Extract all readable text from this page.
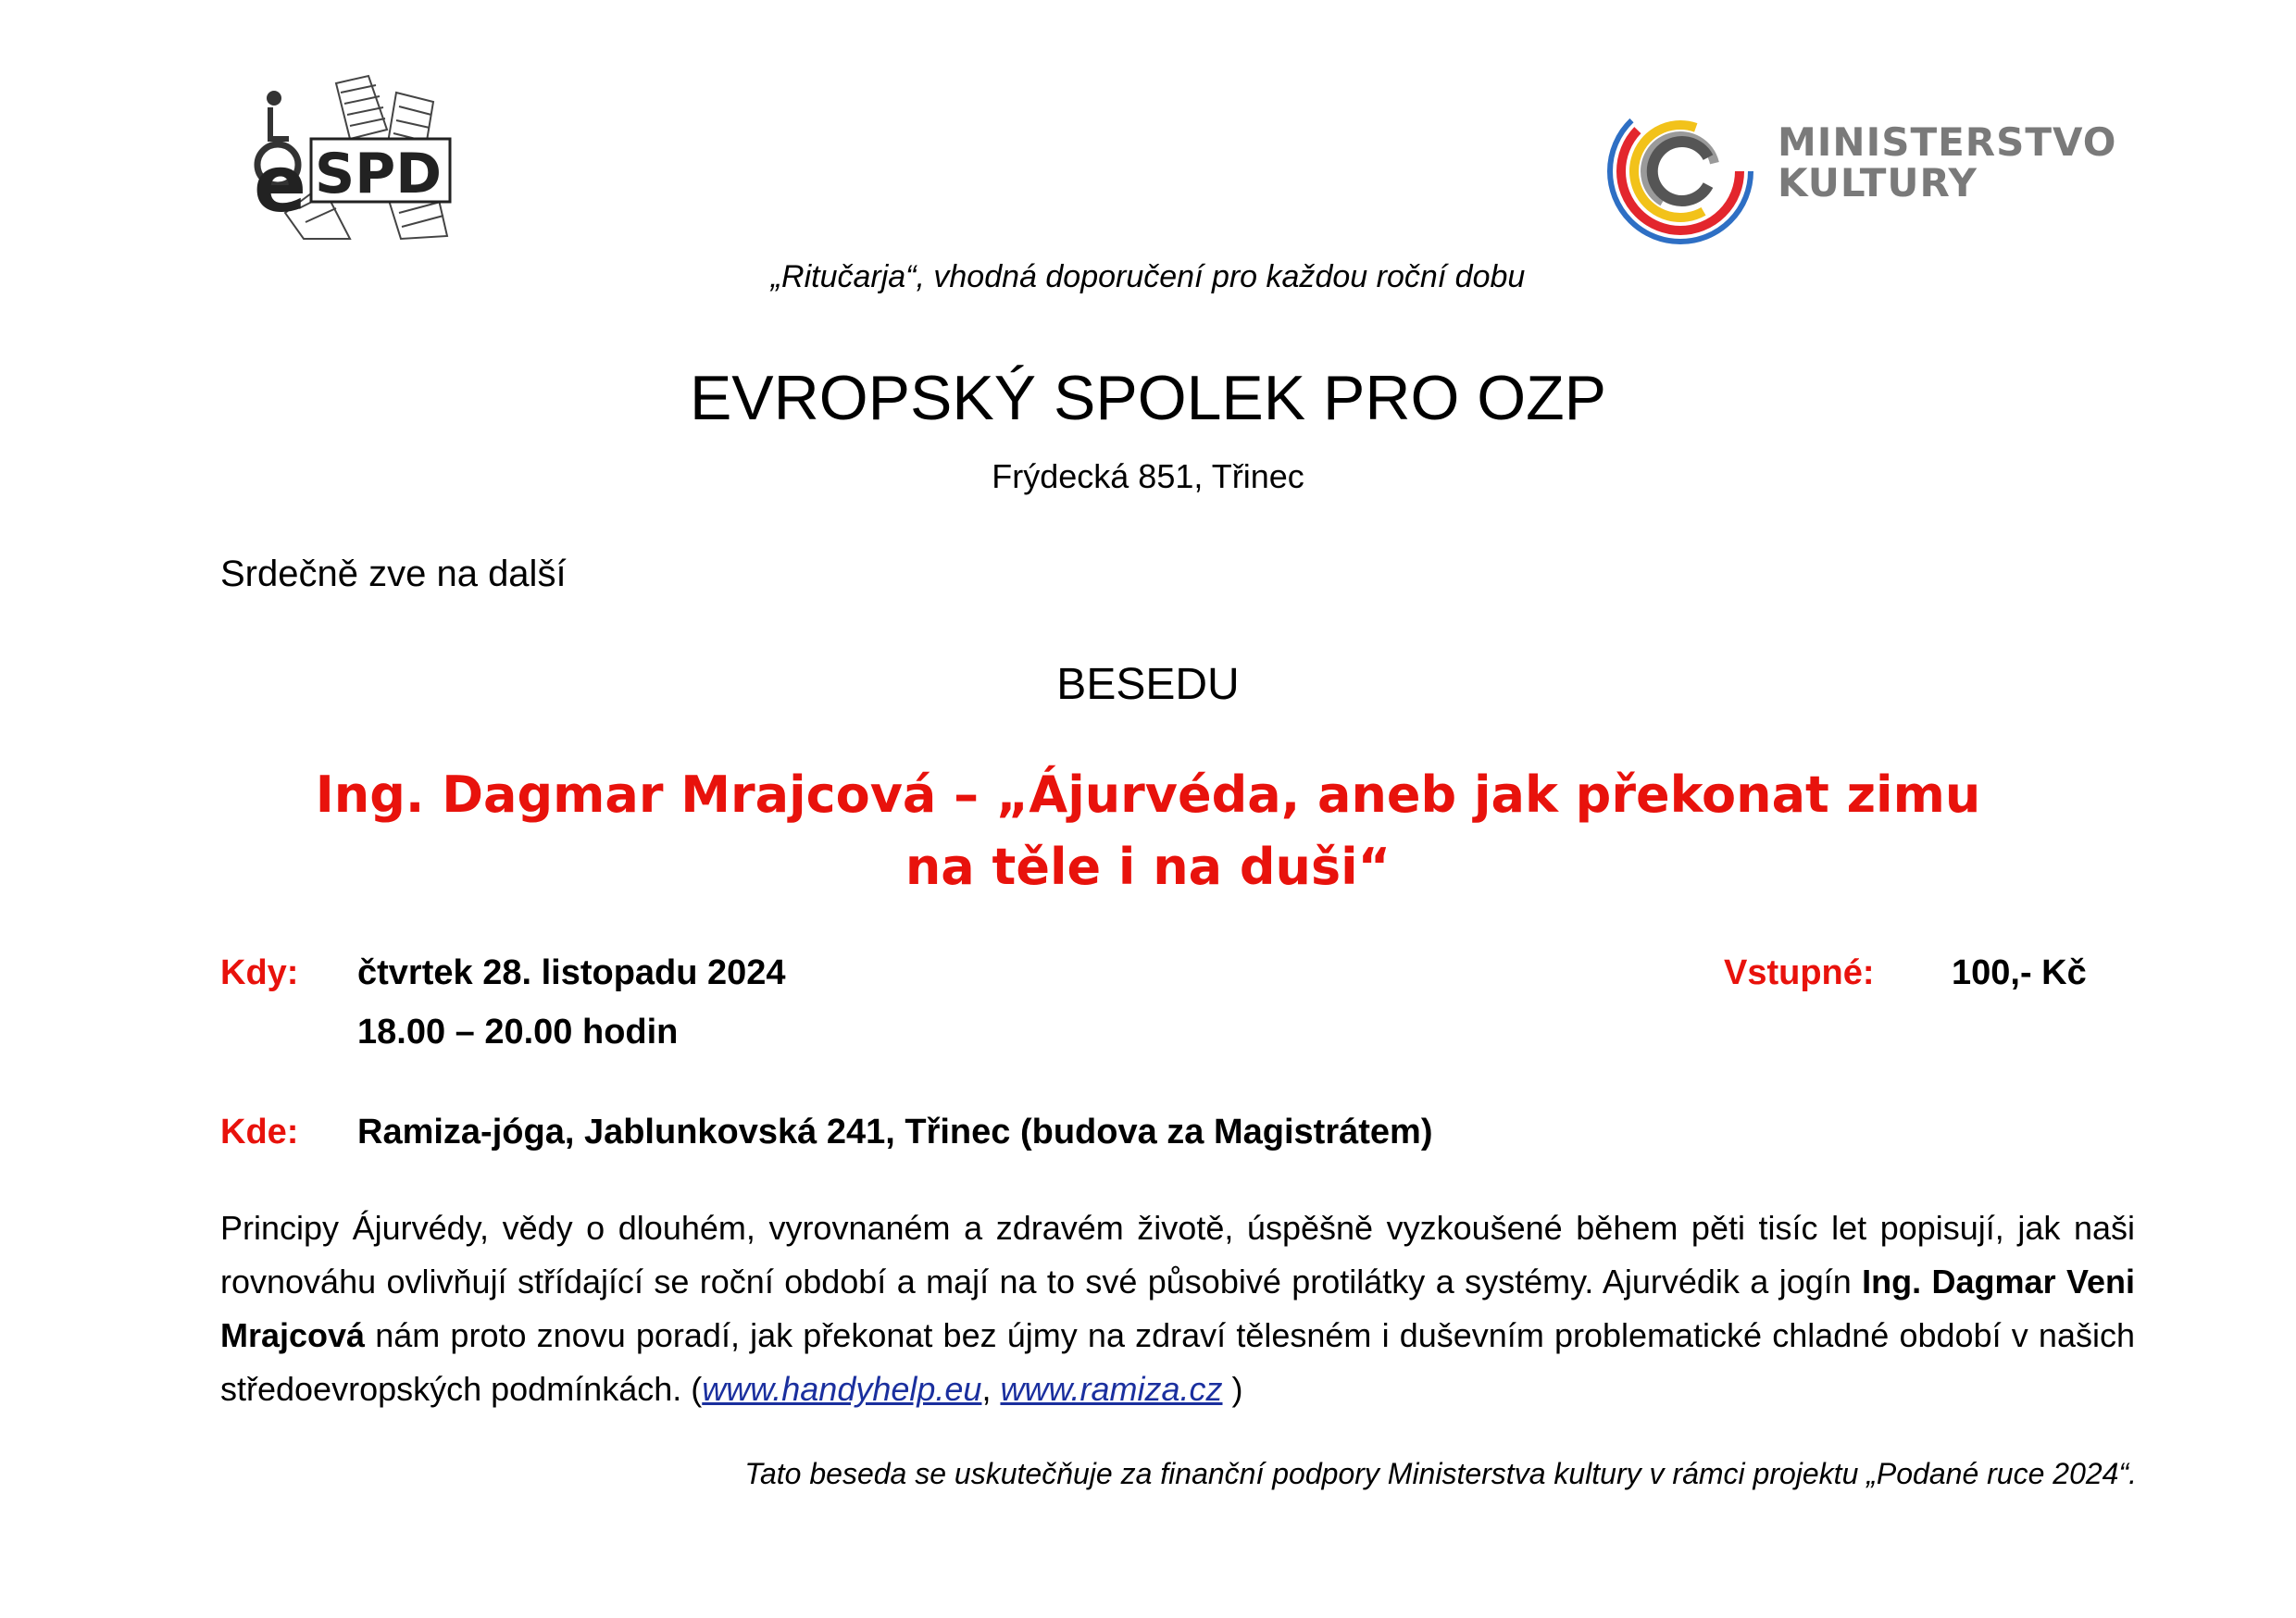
SPD
e	MINISTERSTVO
KULTURY
„Ritučarja“, vhodná doporučení pro každou roční dobu
EVROPSKÝ SPOLEK PRO OZP
Frýdecká 851, Třinec
Srdečně zve na další
BESEDU
Ing. Dagmar Mrajcová – „Ájurvéda, aneb jak překonat zimu
na těle i na duši“
Kdy: čtvrtek 28. listopadu 2024
18.00 – 20.00 hodin
Vstupné: 100,- Kč
Kde: Ramiza-jóga, Jablunkovská 241, Třinec (budova za Magistrátem)
Principy Ájurvédy, vědy o dlouhém, vyrovnaném a zdravém životě, úspěšně vyzkoušené během pěti tisíc let popisují, jak naši rovnováhu ovlivňují střídající se roční období a mají na to své působivé protilátky a systémy. Ajurvédik a jogín Ing. Dagmar Veni Mrajcová nám proto znovu poradí, jak překonat bez újmy na zdraví tělesném i duševním problematické chladné období v našich středoevropských podmínkách. (www.handyhelp.eu, www.ramiza.cz )
Tato beseda se uskutečňuje za finanční podpory Ministerstva kultury v rámci projektu „Podané ruce 2024“.
